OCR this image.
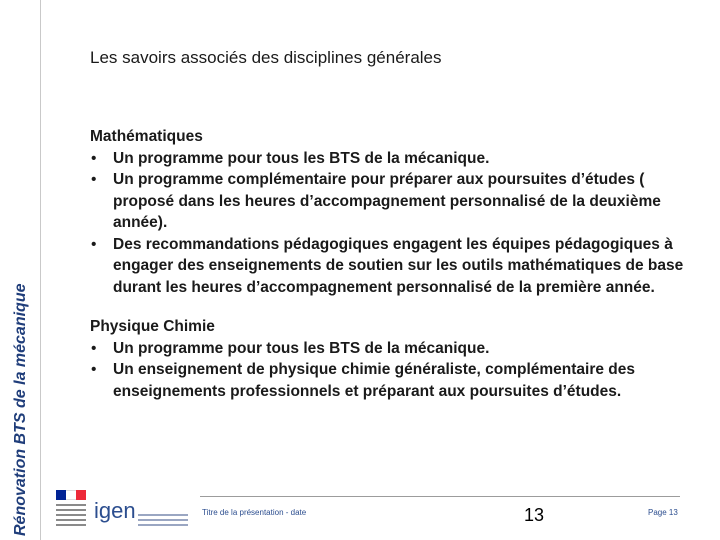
Rénovation BTS de la mécanique
Les savoirs associés des disciplines générales

Mathématiques

• Un programme pour tous les BTS de la mécanique.
• Un programme complémentaire pour préparer aux poursuites d’études ( proposé dans les heures d’accompagnement personnalisé de la deuxième année).
• Des recommandations pédagogiques engagent les équipes pédagogiques à engager des enseignements de soutien sur les outils mathématiques de base durant les heures d’accompagnement personnalisé de la première année.

Physique Chimie

• Un programme pour tous les BTS de la mécanique.
• Un enseignement de physique chimie généraliste, complémentaire des enseignements professionnels et préparant aux poursuites d’études.
igen	Titre de la présentation - date	13	Page 13
